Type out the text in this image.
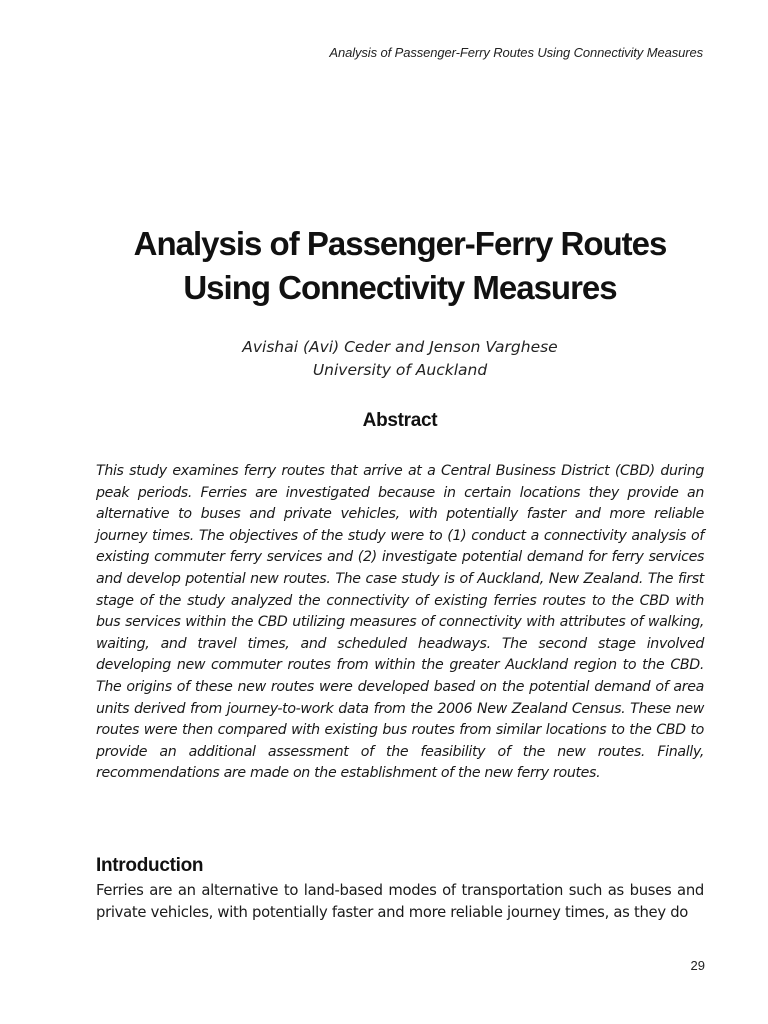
Analysis of Passenger-Ferry Routes Using Connectivity Measures
Analysis of Passenger-Ferry Routes
Using Connectivity Measures
Avishai (Avi) Ceder and Jenson Varghese
University of Auckland
Abstract

This study examines ferry routes that arrive at a Central Business District (CBD) during peak periods. Ferries are investigated because in certain locations they provide an alternative to buses and private vehicles, with potentially faster and more reliable journey times. The objectives of the study were to (1) conduct a connectivity analysis of existing commuter ferry services and (2) investigate potential demand for ferry services and develop potential new routes. The case study is of Auckland, New Zealand. The first stage of the study analyzed the connectivity of existing ferries routes to the CBD with bus services within the CBD utilizing measures of connectivity with attributes of walking, waiting, and travel times, and scheduled headways. The second stage involved developing new commuter routes from within the greater Auckland region to the CBD. The origins of these new routes were developed based on the potential demand of area units derived from journey-to-work data from the 2006 New Zealand Census. These new routes were then compared with existing bus routes from similar locations to the CBD to provide an additional assessment of the feasibility of the new routes. Finally, recommendations are made on the establishment of the new ferry routes.

Introduction

Ferries are an alternative to land-based modes of transportation such as buses and private vehicles, with potentially faster and more reliable journey times, as they do

29
